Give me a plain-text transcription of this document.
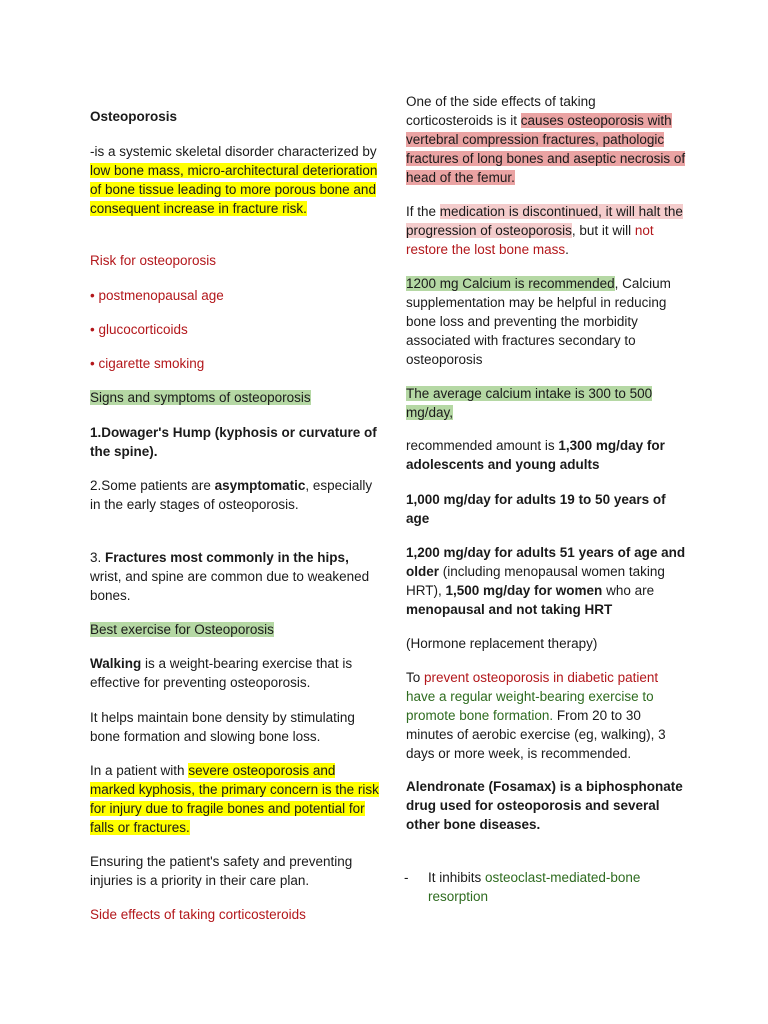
Osteoporosis

-is a systemic skeletal disorder characterized by low bone mass, micro-architectural deterioration of bone tissue leading to more porous bone and consequent increase in fracture risk.

Risk for osteoporosis

• postmenopausal age

• glucocorticoids

• cigarette smoking

Signs and symptoms of osteoporosis

1.Dowager's Hump (kyphosis or curvature of the spine).

2.Some patients are asymptomatic, especially in the early stages of osteoporosis.

3. Fractures most commonly in the hips, wrist, and spine are common due to weakened bones.

Best exercise for Osteoporosis

Walking is a weight-bearing exercise that is effective for preventing osteoporosis.

It helps maintain bone density by stimulating bone formation and slowing bone loss.

In a patient with severe osteoporosis and marked kyphosis, the primary concern is the risk for injury due to fragile bones and potential for falls or fractures.

Ensuring the patient's safety and preventing injuries is a priority in their care plan.

Side effects of taking corticosteroids

One of the side effects of taking corticosteroids is it causes osteoporosis with vertebral compression fractures, pathologic fractures of long bones and aseptic necrosis of head of the femur.

If the medication is discontinued, it will halt the progression of osteoporosis, but it will not restore the lost bone mass.

1200 mg Calcium is recommended, Calcium supplementation may be helpful in reducing bone loss and preventing the morbidity associated with fractures secondary to osteoporosis

The average calcium intake is 300 to 500 mg/day,

recommended amount is 1,300 mg/day for adolescents and young adults

1,000 mg/day for adults 19 to 50 years of age

1,200 mg/day for adults 51 years of age and older (including menopausal women taking HRT), 1,500 mg/day for women who are menopausal and not taking HRT

(Hormone replacement therapy)

To prevent osteoporosis in diabetic patient have a regular weight-bearing exercise to promote bone formation. From 20 to 30 minutes of aerobic exercise (eg, walking), 3 days or more week, is recommended.

Alendronate (Fosamax) is a biphosphonate drug used for osteoporosis and several other bone diseases.

- It inhibits osteoclast-mediated-bone resorption
